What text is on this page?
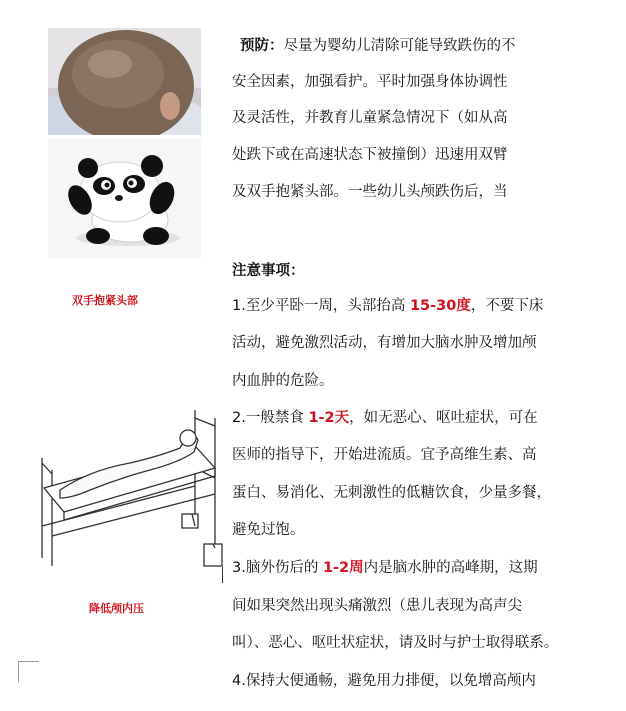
双手抱紧头部
降低颅内压
预防：尽量为婴幼儿清除可能导致跌伤的不
安全因素，加强看护。平时加强身体协调性
及灵活性，并教育儿童紧急情况下（如从高
处跌下或在高速状态下被撞倒）迅速用双臂
及双手抱紧头部。一些幼儿头颅跌伤后，当
注意事项：
1.至少平卧一周，头部抬高 15-30度，不要下床
活动，避免激烈活动，有增加大脑水肿及增加颅
内血肿的危险。
2.一般禁食 1-2天，如无恶心、呕吐症状，可在
医师的指导下，开始进流质。宜予高维生素、高
蛋白、易消化、无刺激性的低糖饮食，少量多餐，
避免过饱。
3.脑外伤后的 1-2周内是脑水肿的高峰期，这期
间如果突然出现头痛激烈（患儿表现为高声尖
叫）、恶心、呕吐状症状，请及时与护士取得联系。
4.保持大便通畅，避免用力排便，以免增高颅内
